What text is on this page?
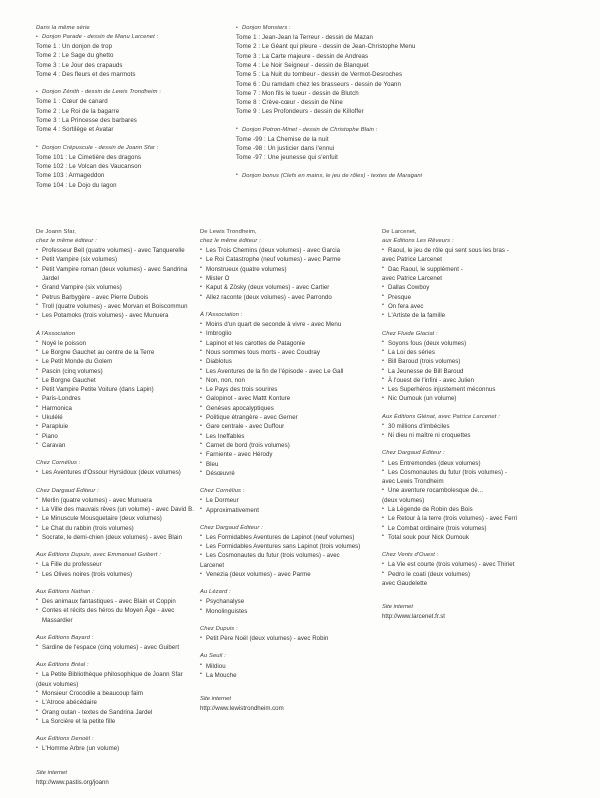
Dans la même série
• Donjon Parade - dessin de Manu Larcenet :
Tome 1 : Un donjon de trop
Tome 2 : Le Sage du ghetto
Tome 3 : Le Jour des crapauds
Tome 4 : Des fleurs et des marmots
• Donjon Zénith - dessin de Lewis Trondheim :
Tome 1 : Cœur de canard
Tome 2 : Le Roi de la bagarre
Tome 3 : La Princesse des barbares
Tome 4 : Sortilège et Avatar
• Donjon Crépuscule - dessin de Joann Sfar :
Tome 101 : Le Cimetière des dragons
Tome 102 : Le Volcan des Vaucanson
Tome 103 : Armageddon
Tome 104 : Le Dojo du lagon
• Donjon Monsters :
Tome 1 : Jean-Jean la Terreur - dessin de Mazan
Tome 2 : Le Géant qui pleure - dessin de Jean-Christophe Menu
Tome 3 : La Carte majeure - dessin de Andreas
Tome 4 : Le Noir Seigneur - dessin de Blanquet
Tome 5 : La Nuit du tombeur - dessin de Vermot-Desroches
Tome 6 : Du ramdam chez les brasseurs - dessin de Yoann
Tome 7 : Mon fils le tueur - dessin de Blutch
Tome 8 : Crève-cœur - dessin de Nine
Tome 9 : Les Profondeurs - dessin de Killoffer
• Donjon Potron-Minet - dessin de Christophe Blain :
Tome -99 : La Chemise de la nuit
Tome -98 : Un justicier dans l'ennui
Tome -97 : Une jeunesse qui s'enfuit
• Donjon bonus (Clefs en mains, le jeu de rôles) - textes de Maragani
De Joann Sfar,
chez le même éditeur :
• Professeur Bell (quatre volumes) - avec Tanquerelle
• Petit Vampire (six volumes)
• Petit Vampire roman (deux volumes) - avec Sandrina Jardel
• Grand Vampire (six volumes)
• Petrus Barbygère - avec Pierre Dubois
• Troll (quatre volumes) - avec Morvan et Boiscommun
• Les Potamoks (trois volumes) - avec Munuera
À l'Association
• Noyé le poisson
• Le Borgne Gauchet au centre de la Terre
• Le Petit Monde du Golem
• Pascin (cinq volumes)
• Le Borgne Gauchet
• Petit Vampire Petite Voiture (dans Lapin)
• Paris-Londres
• Harmonica
• Ukulélé
• Parapluie
• Piano
• Caravan
Chez Cornélius :
• Les Aventures d'Ossour Hyrsidoux (deux volumes)
Chez Dargaud Éditeur :
• Merlin (quatre volumes) - avec Munuera
• La Ville des mauvais rêves (un volume) - avec David B.
• Le Minuscule Mousquetaire (deux volumes)
• Le Chat du rabbin (trois volumes)
• Socrate, le demi-chien (deux volumes) - avec Blain
Aux Éditions Dupuis, avec Emmanuel Guibert :
• La Fille du professeur
• Les Olives noires (trois volumes)
Aux Éditions Nathan :
• Des animaux fantastiques - avec Blain et Coppin
• Contes et récits des héros du Moyen Âge - avec Massardier
Aux Éditions Bayard :
• Sardine de l'espace (cinq volumes) - avec Guibert
Aux Éditions Bréal :
• La Petite Bibliothèque philosophique de Joann Sfar
(deux volumes)
• Monsieur Crocodile a beaucoup faim
• L'Atroce abécédaire
• Orang outan - textes de Sandrina Jardel
• La Sorcière et la petite fille
Aux Éditions Denoël :
• L'Homme Arbre (un volume)
Site internet
http://www.pastis.org/joann
De Lewis Trondheim,
chez le même éditeur :
• Les Trois Chemins (deux volumes) - avec Garcia
• Le Roi Catastrophe (neuf volumes) - avec Parme
• Monstrueux (quatre volumes)
• Mister O
• Kaput & Zösky (deux volumes) - avec Cartier
• Allez raconte (deux volumes) - avec Parrondo
À l'Association :
• Moins d'un quart de seconde à vivre - avec Menu
• Imbroglio
• Lapinot et les carottes de Patagonie
• Nous sommes tous morts - avec Coudray
• Diablotus
• Les Aventures de la fin de l'épisode - avec Le Gall
• Non, non, non
• Le Pays des trois sourires
• Galopinot - avec Mattt Konture
• Genèses apocalyptiques
• Politique étrangère - avec Gerner
• Gare centrale - avec Duffour
• Les Ineffables
• Carnet de bord (trois volumes)
• Farniente - avec Hérody
• Bleu
• Désœuvré
Chez Cornélius :
• Le Dormeur
• Approximativement
Chez Dargaud Éditeur :
• Les Formidables Aventures de Lapinot (neuf volumes)
• Les Formidables Aventures sans Lapinot (trois volumes)
• Les Cosmonautes du futur (trois volumes) - avec
Larcenet
• Venezia (deux volumes) - avec Parme
Au Lézard :
• Psychanalyse
• Monolinguistes
Chez Dupuis :
• Petit Père Noël (deux volumes) - avec Robin
Au Seuil :
• Mildiou
• La Mouche
Site internet
http://www.lewistrondheim.com
De Larcenet,
aux Éditions Les Rêveurs :
• Raoul, le jeu de rôle qui sent sous les bras -
avec Patrice Larcenet
• Dac Raoul, le supplément -
avec Patrice Larcenet
• Dallas Cowboy
• Presque
• On fera avec
• L'Artiste de la famille
Chez Fluide Glacial :
• Soyons fous (deux volumes)
• La Loi des séries
• Bill Baroud (trois volumes)
• La Jeunesse de Bill Baroud
• À l'ouest de l'infini - avec Julien
• Les Superhéros injustement méconnus
• Nic Oumouk (un volume)
Aux Éditions Glénat, avec Patrice Larcenet :
• 30 millions d'imbéciles
• Ni dieu ni maître ni croquettes
Chez Dargaud Éditeur :
• Les Entremondes (deux volumes)
• Les Cosmonautes du futur (trois volumes) -
avec Lewis Trondheim
• Une aventure rocambolesque de...
(deux volumes)
• La Légende de Robin des Bois
• Le Retour à la terre (trois volumes) - avec Ferri
• Le Combat ordinaire (trois volumes)
• Total souk pour Nick Oumouk
Chez Vents d'Ouest :
• La Vie est courte (trois volumes) - avec Thiriet
• Pedro le coati (deux volumes)
avec Gaudelette
Site internet
http://www.larcenet.fr.st
